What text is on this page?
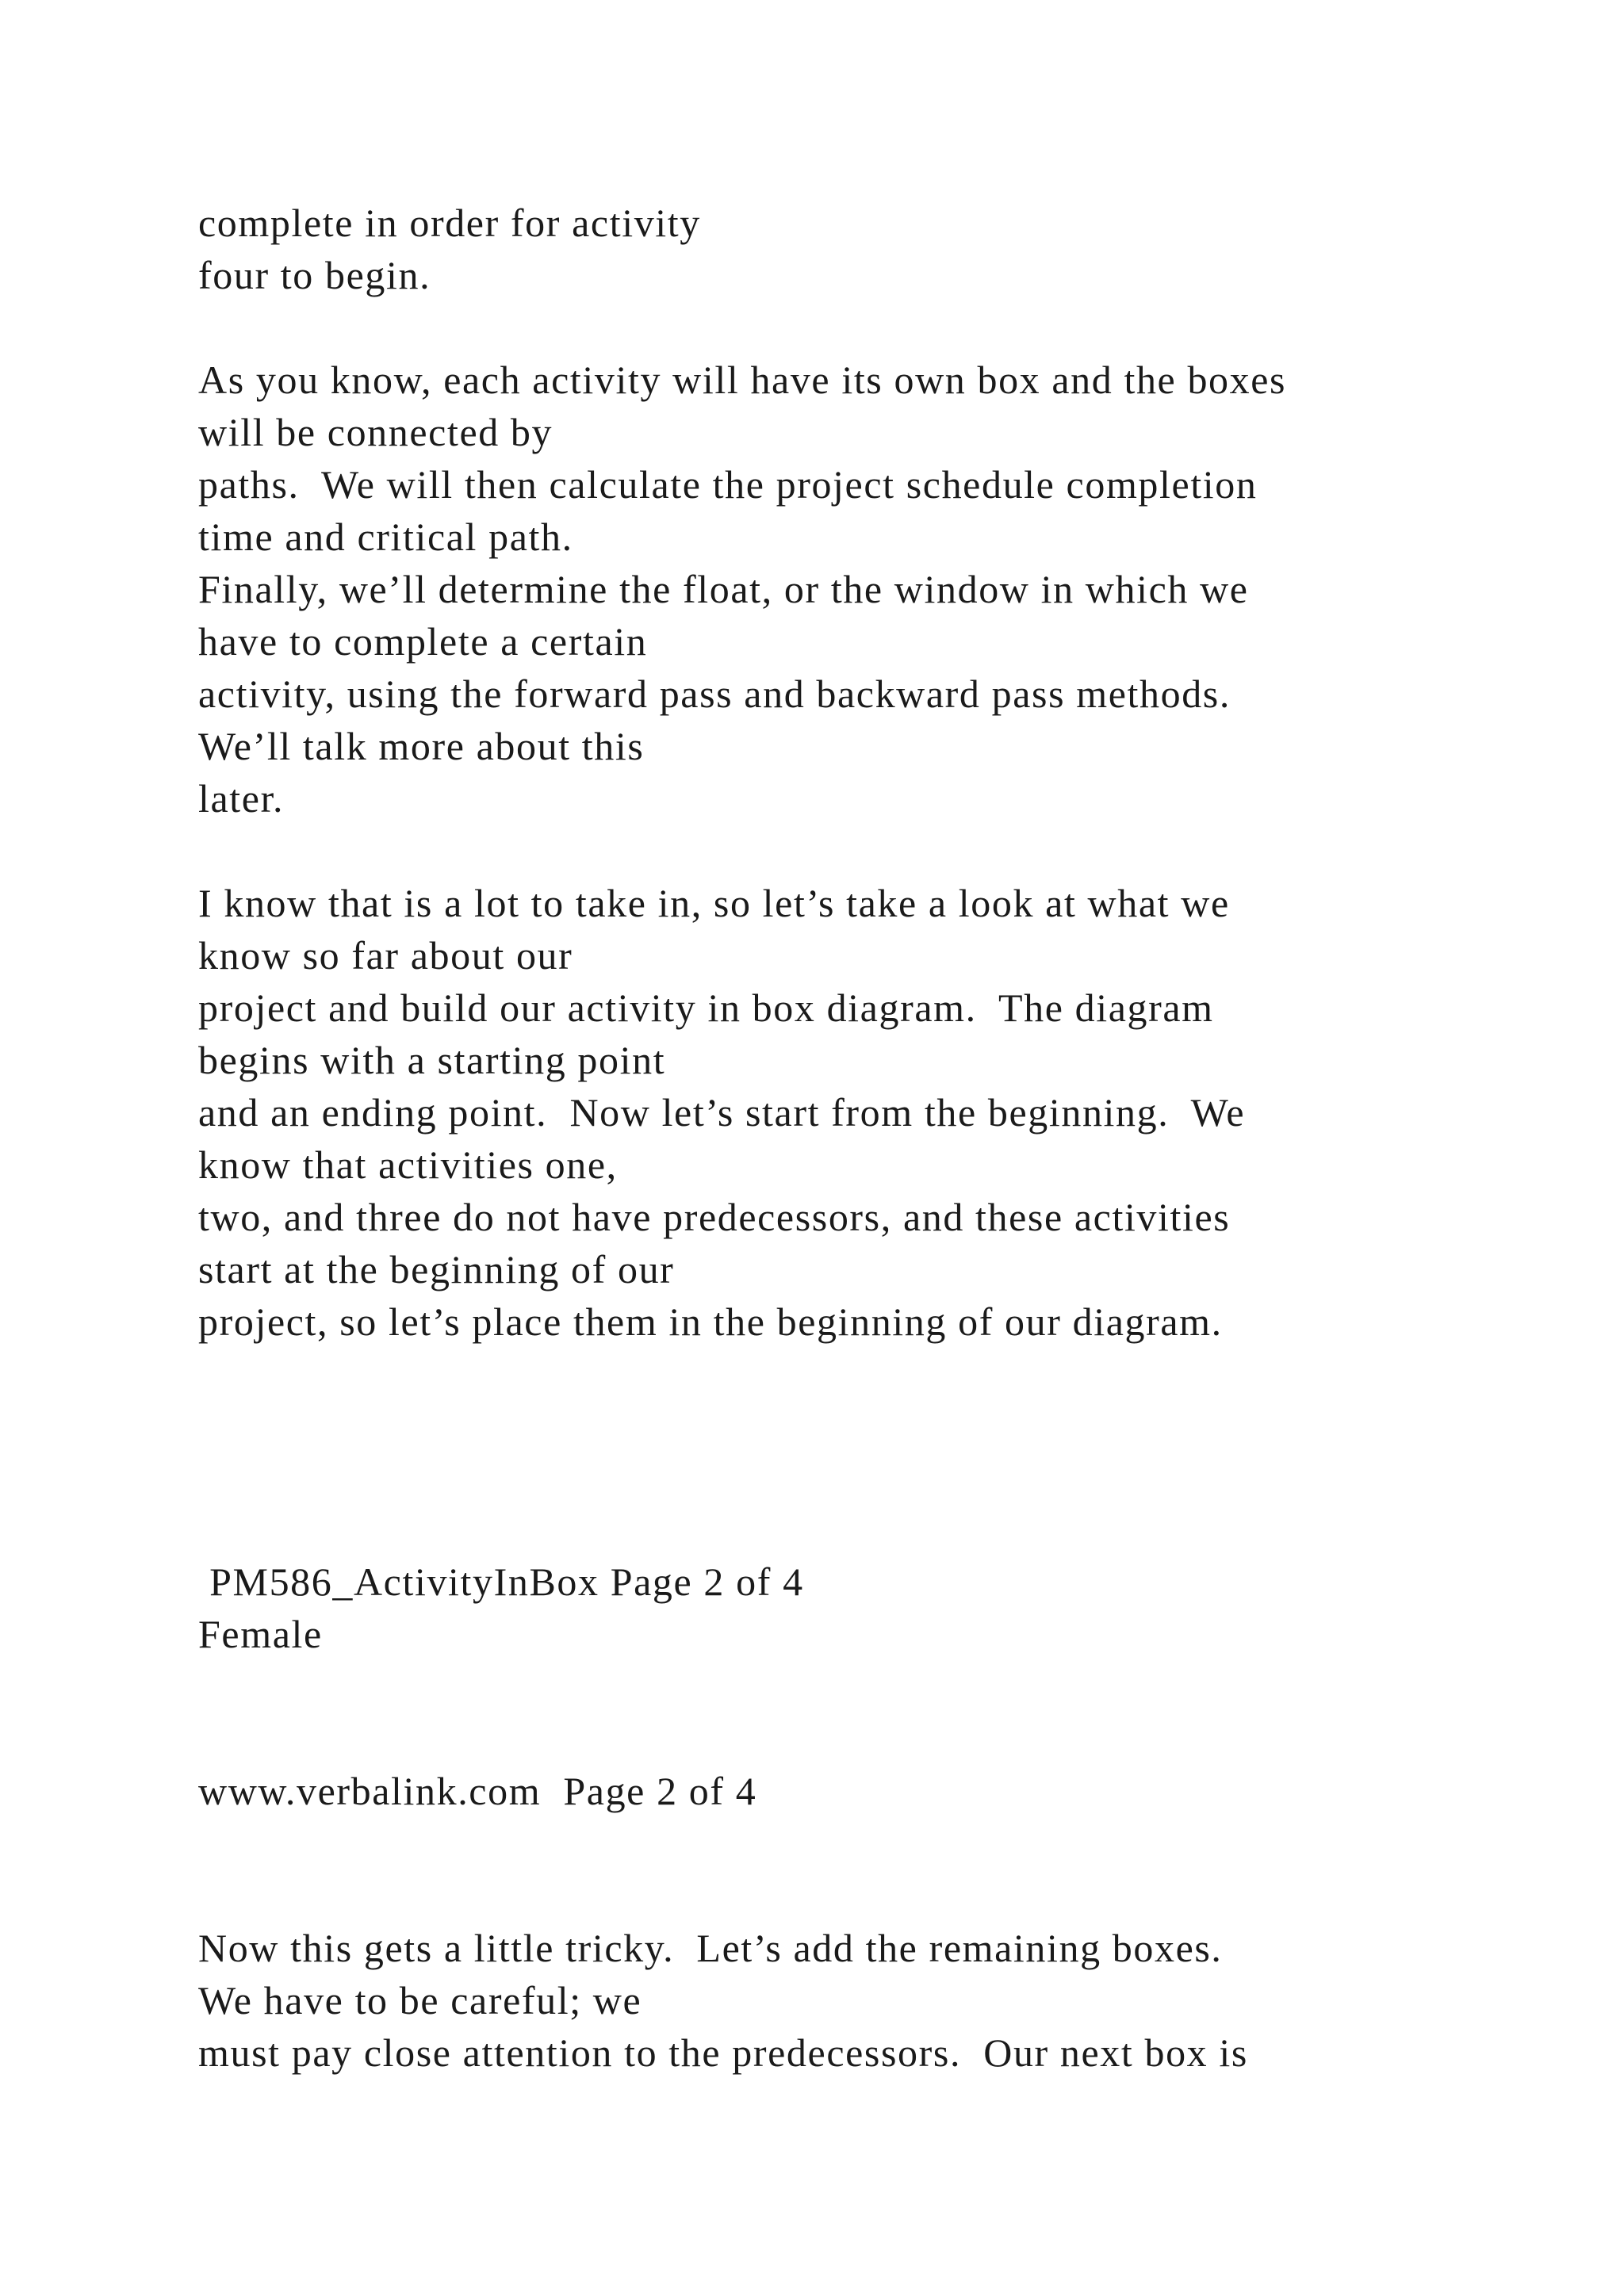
complete in order for activity

four to begin.

As you know, each activity will have its own box and the boxes

will be connected by

paths.  We will then calculate the project schedule completion

time and critical path.

Finally, we’ll determine the float, or the window in which we

have to complete a certain

activity, using the forward pass and backward pass methods.

We’ll talk more about this

later.

I know that is a lot to take in, so let’s take a look at what we

know so far about our

project and build our activity in box diagram.  The diagram

begins with a starting point

and an ending point.  Now let’s start from the beginning.  We

know that activities one,

two, and three do not have predecessors, and these activities

start at the beginning of our

project, so let’s place them in the beginning of our diagram.

PM586_ActivityInBox Page 2 of 4

Female

www.verbalink.com  Page 2 of 4

Now this gets a little tricky.  Let’s add the remaining boxes.

We have to be careful; we

must pay close attention to the predecessors.  Our next box is
